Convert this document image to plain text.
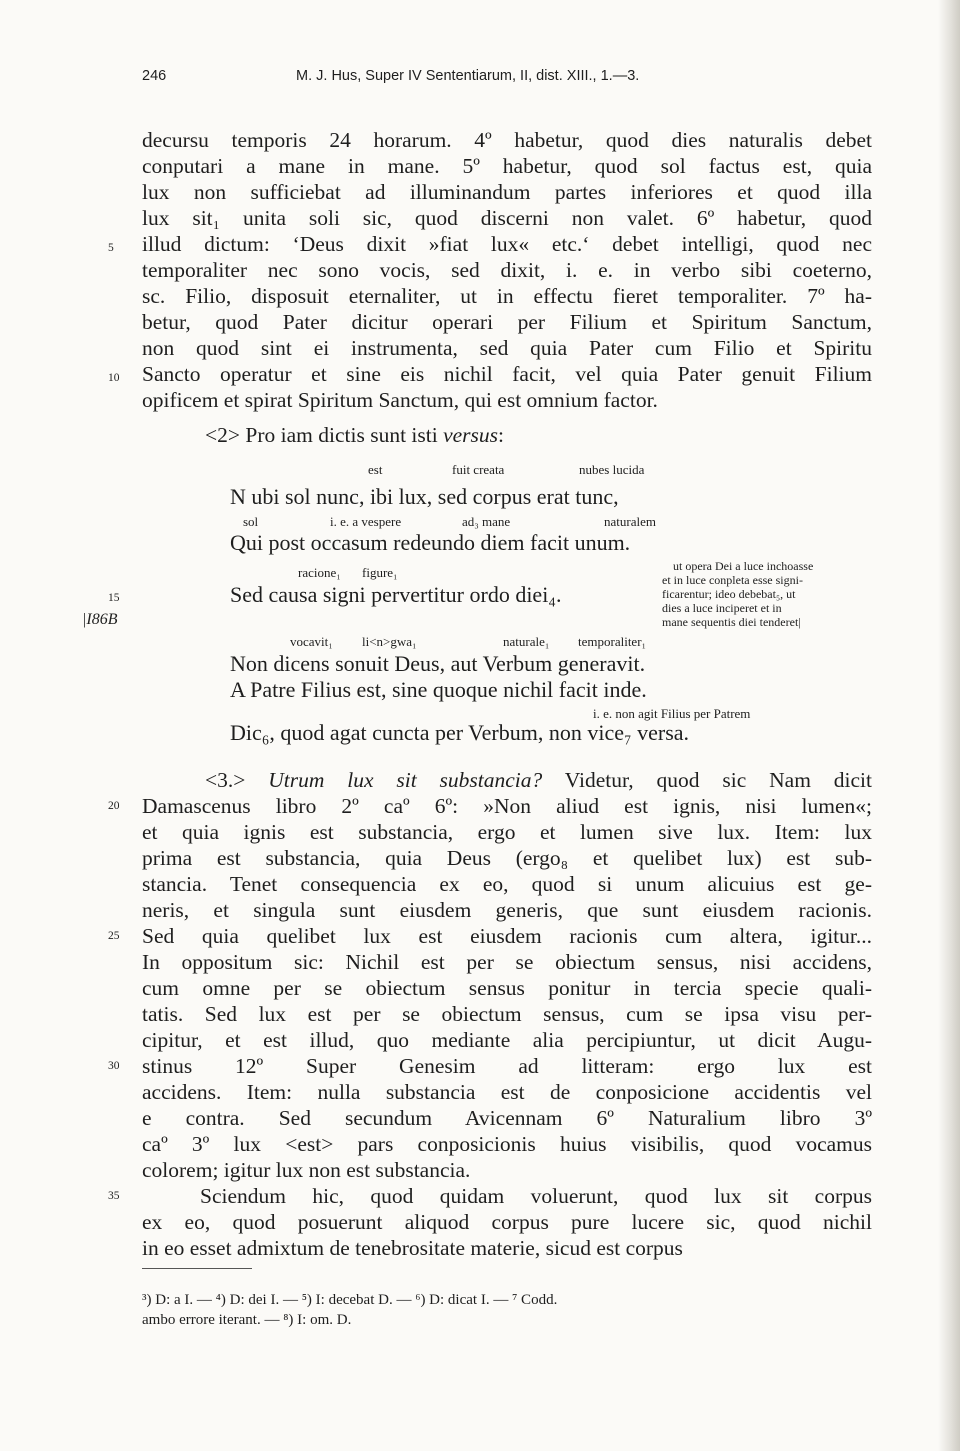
246	M. J. Hus, Super IV Sententiarum, II, dist. XIII., 1.—3.
decursu temporis 24 horarum. 4º habetur, quod dies naturalis debet
conputari a mane in mane. 5º habetur, quod sol factus est, quia
lux non sufficiebat ad illuminandum partes inferiores et quod illa
lux sit₁ unita soli sic, quod discerni non valet. 6º habetur, quod
illud dictum: ‘Deus dixit »fiat lux« etc.‘ debet intelligi, quod nec
temporaliter nec sono vocis, sed dixit, i. e. in verbo sibi coeterno,
sc. Filio, disposuit eternaliter, ut in effectu fieret temporaliter. 7º ha-
betur, quod Pater dicitur operari per Filium et Spiritum Sanctum,
non quod sint ei instrumenta, sed quia Pater cum Filio et Spiritu
Sancto operatur et sine eis nichil facit, vel quia Pater genuit Filium
opificem et spirat Spiritum Sanctum, qui est omnium factor.
5
10
15
20
25
30
35
|I86B
<2> Pro iam dictis sunt isti versus:
est	fuit creata	nubes lucida
N ubi sol nunc, ibi lux, sed corpus erat tunc,
sol	i. e. a vespere	ad₃ mane	naturalem
Qui post occasum redeundo diem facit unum.
racione₁ figure₁
Sed causa signi pervertitur ordo diei₄.
ut opera Dei a luce inchoasse
et in luce conpleta esse signi-
ficarentur; ideo debebat₅, ut
dies a luce inciperet et in
mane sequentis diei tenderet|
vocavit₁ li<n>gwa₁	naturale₁ temporaliter₁
Non dicens sonuit Deus, aut Verbum generavit.
A Patre Filius est, sine quoque nichil facit inde.
i. e. non agit Filius per Patrem
Dic₆, quod agat cuncta per Verbum, non vice₇ versa.
<3.> Utrum lux sit substancia? Videtur, quod sic Nam dicit
Damascenus libro 2º caº 6º: »Non aliud est ignis, nisi lumen«;
et quia ignis est substancia, ergo et lumen sive lux. Item: lux
prima est substancia, quia Deus (ergo₈ et quelibet lux) est sub-
stancia. Tenet consequencia ex eo, quod si unum alicuius est ge-
neris, et singula sunt eiusdem generis, que sunt eiusdem racionis.
Sed quia quelibet lux est eiusdem racionis cum altera, igitur...
In oppositum sic: Nichil est per se obiectum sensus, nisi accidens,
cum omne per se obiectum sensus ponitur in tercia specie quali-
tatis. Sed lux est per se obiectum sensus, cum se ipsa visu per-
cipitur, et est illud, quo mediante alia percipiuntur, ut dicit Augu-
stinus 12º Super Genesim ad litteram: ergo lux est
accidens. Item: nulla substancia est de conposicione accidentis vel
e contra. Sed secundum Avicennam 6º Naturalium libro 3º
caº 3º lux <est> pars conposicionis huius visibilis, quod vocamus
colorem; igitur lux non est substancia.
Sciendum hic, quod quidam voluerunt, quod lux sit corpus
ex eo, quod posuerunt aliquod corpus pure lucere sic, quod nichil
in eo esset admixtum de tenebrositate materie, sicud est corpus
³) D: a I. — ⁴) D: dei I. — ⁵) I: decebat D. — ⁶) D: dicat I. — ⁷ Codd.
ambo errore iterant. — ⁸) I: om. D.
